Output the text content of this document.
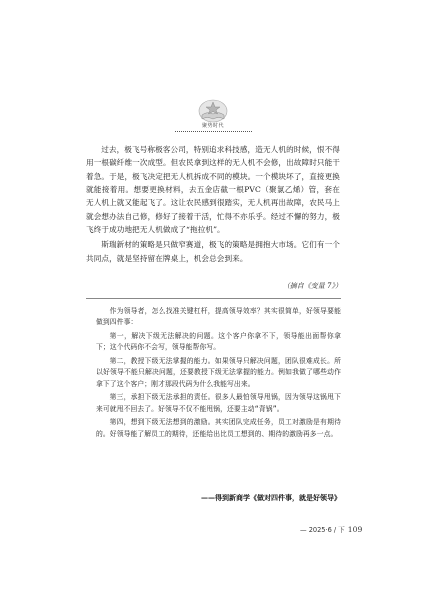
聚势时代

过去，极飞号称极客公司，特别追求科技感，造无人机的时候，恨不得用一根碳纤维一次成型。但农民拿到这样的无人机不会修，出故障时只能干着急。于是，极飞决定把无人机拆成不同的模块。一个模块坏了，直接更换就能接着用。想要更换材料，去五金店截一根PVC（聚氯乙烯）管，套在无人机上就又能起飞了。这让农民感到很踏实，无人机再出故障，农民马上就会想办法自己修，修好了接着干活，忙得不亦乐乎。经过不懈的努力，极飞终于成功地把无人机做成了“拖拉机”。

斯瑞新材的策略是只做窄赛道，极飞的策略是拥抱大市场。它们有一个共同点，就是坚持留在牌桌上，机会总会到来。

（摘自《变量 7》）

作为领导者，怎么找准关键杠杆，提高领导效率？其实很简单，好领导要能做到四件事：

第一，解决下级无法解决的问题。这个客户你拿不下，领导能出面帮你拿下；这个代码你不会写，领导能帮你写。

第二，教授下级无法掌握的能力。如果领导只解决问题，团队很难成长。所以好领导不能只解决问题，还要教授下级无法掌握的能力。例如我做了哪些动作拿下了这个客户；刚才那段代码为什么我能写出来。

第三，承担下级无法承担的责任。很多人最怕领导甩锅，因为领导这锅甩下来可就甩不回去了。好领导不仅不能甩锅，还要主动“背锅”。

第四，想到下级无法想到的激励。其实团队完成任务，员工对激励是有期待的。好领导能了解员工的期待，还能给出比员工想到的、期待的激励再多一点。

——得到新商学《做对四件事，就是好领导》
— 2025·6 / 下 109
